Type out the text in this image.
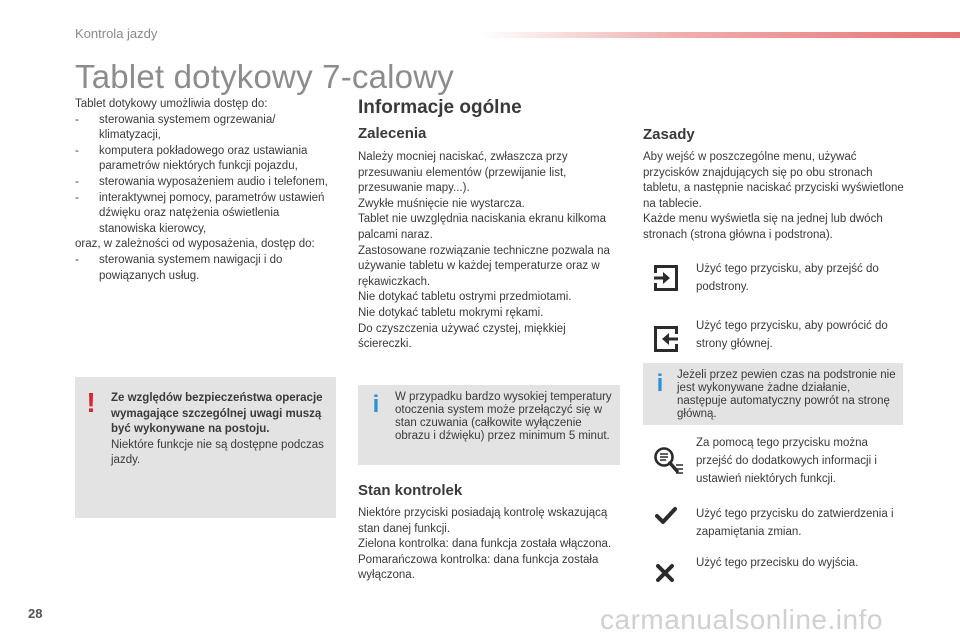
Kontrola jazdy
Tablet dotykowy 7-calowy
Tablet dotykowy umożliwia dostęp do:
- sterowania systemem ogrzewania/ klimatyzacji,
- komputera pokładowego oraz ustawiania parametrów niektórych funkcji pojazdu,
- sterowania wyposażeniem audio i telefonem,
- interaktywnej pomocy, parametrów ustawień dźwięku oraz natężenia oświetlenia stanowiska kierowcy,
oraz, w zależności od wyposażenia, dostęp do:
- sterowania systemem nawigacji i do powiązanych usług.
! Ze względów bezpieczeństwa operacje wymagające szczególnej uwagi muszą być wykonywane na postoju.
Niektóre funkcje nie są dostępne podczas jazdy.
Informacje ogólne
Zalecenia
Należy mocniej naciskać, zwłaszcza przy przesuwaniu elementów (przewijanie list, przesuwanie mapy...).
Zwykłe muśnięcie nie wystarcza.
Tablet nie uwzględnia naciskania ekranu kilkoma palcami naraz.
Zastosowane rozwiązanie techniczne pozwala na używanie tabletu w każdej temperaturze oraz w rękawiczkach.
Nie dotykać tabletu ostrymi przedmiotami.
Nie dotykać tabletu mokrymi rękami.
Do czyszczenia używać czystej, miękkiej ściereczki.
i	W przypadku bardzo wysokiej temperatury otoczenia system może przełączyć się w stan czuwania (całkowite wyłączenie obrazu i dźwięku) przez minimum 5 minut.
Stan kontrolek
Niektóre przyciski posiadają kontrolę wskazującą stan danej funkcji.
Zielona kontrolka: dana funkcja została włączona.
Pomarańczowa kontrolka: dana funkcja została wyłączona.
Zasady
Aby wejść w poszczególne menu, używać przycisków znajdujących się po obu stronach tabletu, a następnie naciskać przyciski wyświetlone na tablecie.
Każde menu wyświetla się na jednej lub dwóch stronach (strona główna i podstrona).
Użyć tego przycisku, aby przejść do podstrony.
Użyć tego przycisku, aby powrócić do strony głównej.
i	Jeżeli przez pewien czas na podstronie nie jest wykonywane żadne działanie, następuje automatyczny powrót na stronę główną.
Za pomocą tego przycisku można przejść do dodatkowych informacji i ustawień niektórych funkcji.
Użyć tego przycisku do zatwierdzenia i zapamiętania zmian.
Użyć tego przecisku do wyjścia.
28	carmanualsonline.info
